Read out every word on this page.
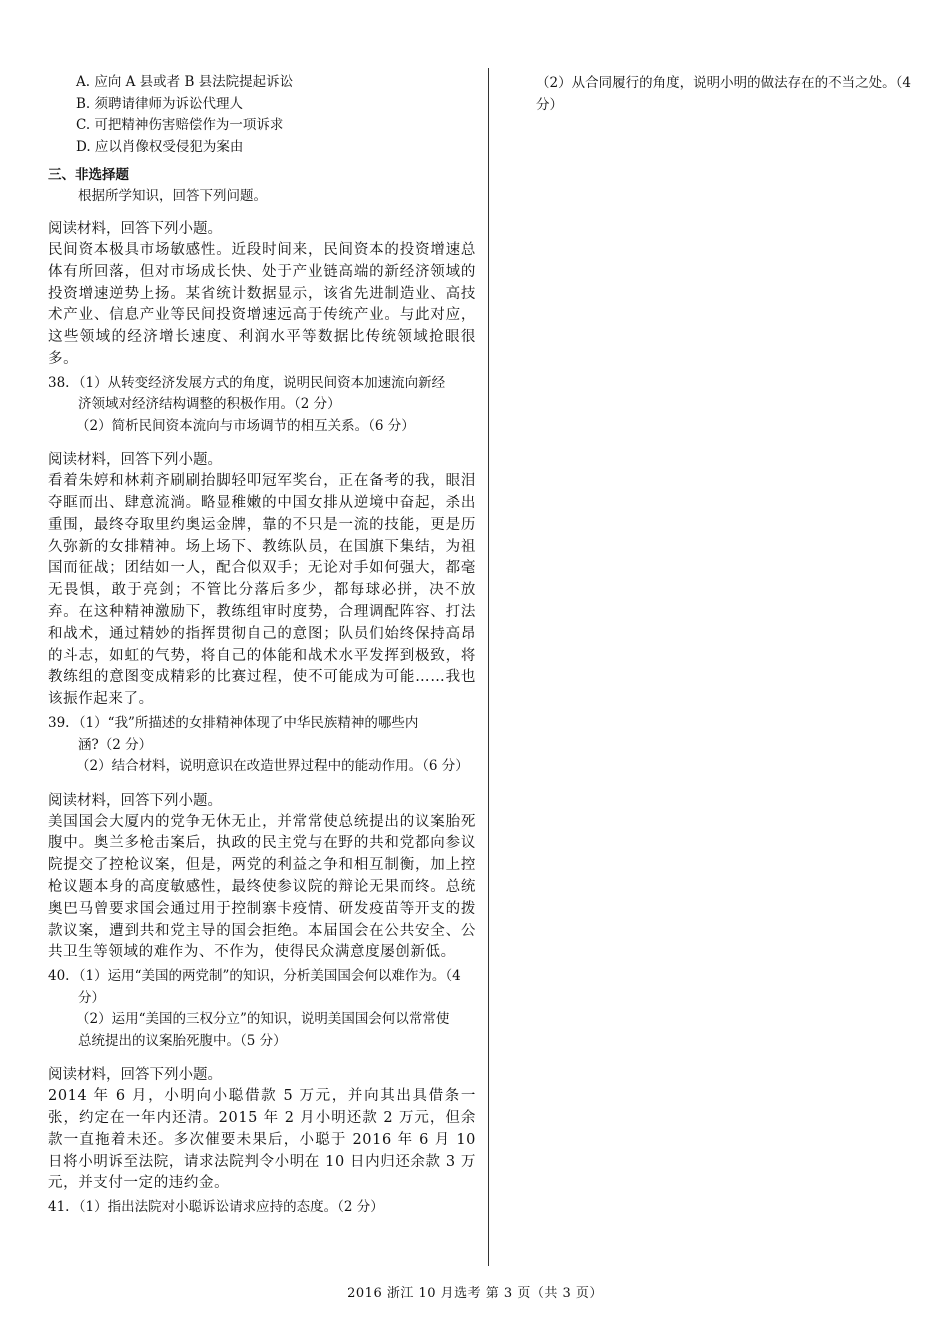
A. 应向 A 县或者 B 县法院提起诉讼
B. 须聘请律师为诉讼代理人
C. 可把精神伤害赔偿作为一项诉求
D. 应以肖像权受侵犯为案由
三、非选择题
根据所学知识，回答下列问题。
阅读材料，回答下列小题。
民间资本极具市场敏感性。近段时间来，民间资本的投资增速总体有所回落，但对市场成长快、处于产业链高端的新经济领域的投资增速逆势上扬。某省统计数据显示，该省先进制造业、高技术产业、信息产业等民间投资增速远高于传统产业。与此对应，这些领域的经济增长速度、利润水平等数据比传统领域抢眼很多。
38. （1）从转变经济发展方式的角度，说明民间资本加速流向新经
济领域对经济结构调整的积极作用。（2 分）
（2）简析民间资本流向与市场调节的相互关系。（6 分）
阅读材料，回答下列小题。
看着朱婷和林莉齐刷刷抬脚轻叩冠军奖台，正在备考的我，眼泪夺眶而出、肆意流淌。略显稚嫩的中国女排从逆境中奋起，杀出重围，最终夺取里约奥运金牌，靠的不只是一流的技能，更是历久弥新的女排精神。场上场下、教练队员，在国旗下集结，为祖国而征战；团结如一人，配合似双手；无论对手如何强大，都毫无畏惧，敢于亮剑；不管比分落后多少，都每球必拼，决不放弃。在这种精神激励下，教练组审时度势，合理调配阵容、打法和战术，通过精妙的指挥贯彻自己的意图；队员们始终保持高昂的斗志，如虹的气势，将自己的体能和战术水平发挥到极致，将教练组的意图变成精彩的比赛过程，使不可能成为可能……我也该振作起来了。
39. （1）“我”所描述的女排精神体现了中华民族精神的哪些内
涵?（2 分）
（2）结合材料，说明意识在改造世界过程中的能动作用。（6 分）
阅读材料，回答下列小题。
美国国会大厦内的党争无休无止，并常常使总统提出的议案胎死腹中。奥兰多枪击案后，执政的民主党与在野的共和党都向参议院提交了控枪议案，但是，两党的利益之争和相互制衡，加上控枪议题本身的高度敏感性，最终使参议院的辩论无果而终。总统奥巴马曾要求国会通过用于控制寨卡疫情、研发疫苗等开支的拨款议案，遭到共和党主导的国会拒绝。本届国会在公共安全、公共卫生等领域的难作为、不作为，使得民众满意度屡创新低。
40. （1）运用“美国的两党制”的知识，分析美国国会何以难作为。（4
分）
（2）运用“美国的三权分立”的知识，说明美国国会何以常常使
总统提出的议案胎死腹中。（5 分）
阅读材料，回答下列小题。
2014 年 6 月，小明向小聪借款 5 万元，并向其出具借条一张，约定在一年内还清。2015 年 2 月小明还款 2 万元，但余款一直拖着未还。多次催要未果后，小聪于 2016 年 6 月 10 日将小明诉至法院，请求法院判令小明在 10 日内归还余款 3 万元，并支付一定的违约金。
41. （1）指出法院对小聪诉讼请求应持的态度。（2 分）
（2）从合同履行的角度，说明小明的做法存在的不当之处。（4
分）
2016 浙江 10 月选考 第 3 页（共 3 页）
